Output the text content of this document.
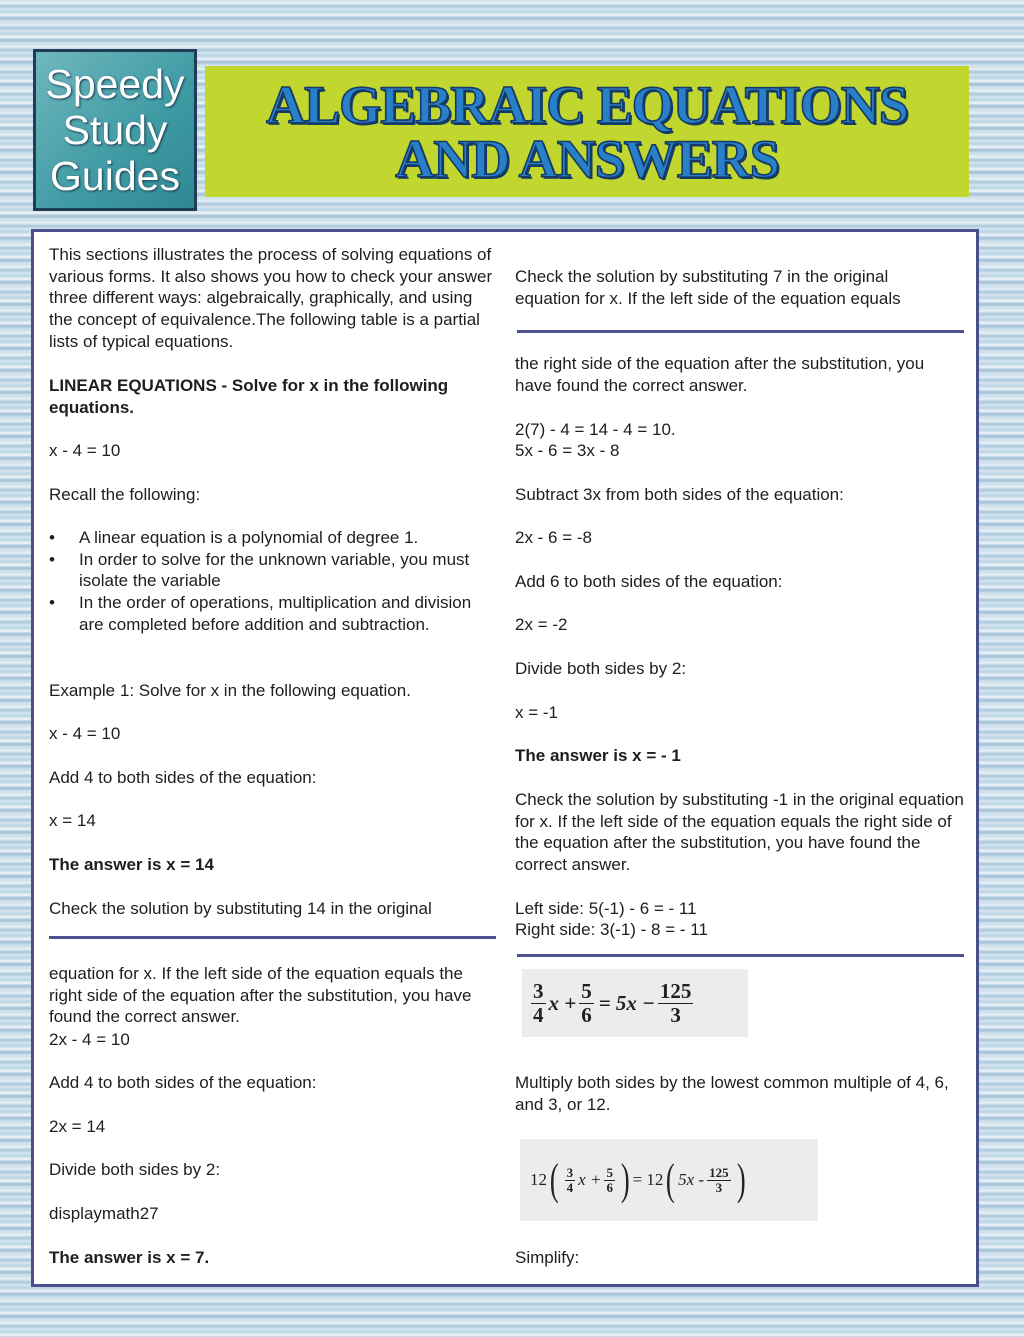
Speedy
Study
Guides
ALGEBRAIC EQUATIONS
AND ANSWERS

This sections illustrates the process of solving equations of various forms. It also shows you how to check your answer three different ways: algebraically, graphically, and using the concept of equivalence.The following table is a partial lists of typical equations.

LINEAR EQUATIONS - Solve for x in the following equations.

x - 4 = 10

Recall the following:

• A linear equation is a polynomial of degree 1.
• In order to solve for the unknown variable, you must isolate the variable
• In the order of operations, multiplication and division are completed before addition and subtraction.

Example 1: Solve for x in the following equation.

x - 4 = 10

Add 4 to both sides of the equation:

x = 14

The answer is x = 14

Check the solution by substituting 14 in the original

equation for x. If the left side of the equation equals the right side of the equation after the substitution, you have found the correct answer.

2x - 4 = 10

Add 4 to both sides of the equation:

2x = 14

Divide both sides by 2:

displaymath27

The answer is x = 7.

Check the solution by substituting 7 in the original equation for x. If the left side of the equation equals

the right side of the equation after the substitution, you have found the correct answer.

2(7) - 4 = 14 - 4 = 10.

5x - 6 = 3x - 8

Subtract 3x from both sides of the equation:

2x - 6 = -8

Add 6 to both sides of the equation:

2x = -2

Divide both sides by 2:

x = -1

The answer is x = - 1

Check the solution by substituting -1 in the original equation for x. If the left side of the equation equals the right side of the equation after the substitution, you have found the correct answer.

Left side: 5(-1) - 6 = - 11

Right side: 3(-1) - 8 = - 11

Multiply both sides by the lowest common multiple of 4, 6, and 3, or 12.

Simplify:

$\frac{3}{4}$ $x + \frac{5}{6} = 5x - \frac{125}{3}$
12 ( $\frac{3}{4}$ $x + \frac{5}{6}$ ) = 12 ( $5x - \frac{125}{3}$ )
